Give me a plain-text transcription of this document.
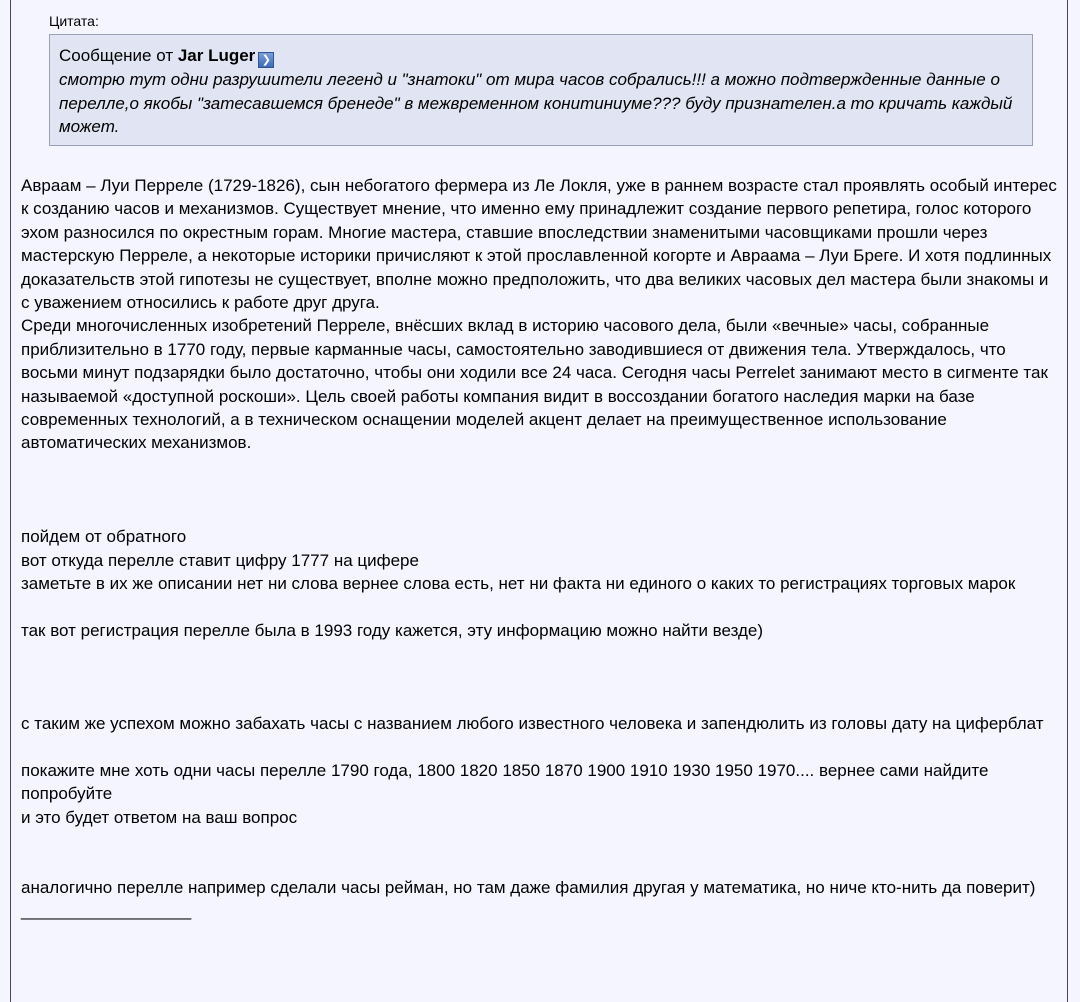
Цитата:
Сообщение от Jar Luger ❯
смотрю тут одни разрушители легенд и "знатоки" от мира часов собрались!!! а можно подтвержденные данные о перелле,о якобы "затесавшемся бренеде" в межвременном конитиниуме??? буду признателен.а то кричать каждый может.

Авраам – Луи Перреле (1729-1826), сын небогатого фермера из Ле Локля, уже в раннем возрасте стал проявлять особый интерес к созданию часов и механизмов. Существует мнение, что именно ему принадлежит создание первого репетира, голос которого эхом разносился по окрестным горам. Многие мастера, ставшие впоследствии знаменитыми часовщиками прошли через мастерскую Перреле, а некоторые историки причисляют к этой прославленной когорте и Авраама – Луи Бреге. И хотя подлинных доказательств этой гипотезы не существует, вполне можно предположить, что два великих часовых дел мастера были знакомы и с уважением относились к работе друг друга.

Среди многочисленных изобретений Перреле, внёсших вклад в историю часового дела, были «вечные» часы, собранные приблизительно в 1770 году, первые карманные часы, самостоятельно заводившиеся от движения тела. Утверждалось, что восьми минут подзарядки было достаточно, чтобы они ходили все 24 часа. Сегодня часы Perrelet занимают место в сигменте так называемой «доступной роскоши». Цель своей работы компания видит в воссоздании богатого наследия марки на базе современных технологий, а в техническом оснащении моделей акцент делает на преимущественное использование автоматических механизмов.

пойдем от обратного

вот откуда перелле ставит цифру 1777 на цифере

заметьте в их же описании нет ни слова вернее слова есть, нет ни факта ни единого о каких то регистрациях торговых марок

так вот регистрация перелле была в 1993 году кажется, эту информацию можно найти везде)

с таким же успехом можно забахать часы с названием любого известного человека и запендюлить из головы дату на циферблат

покажите мне хоть одни часы перелле 1790 года, 1800 1820 1850 1870 1900 1910 1930 1950 1970.... вернее сами найдите попробуйте

и это будет ответом на ваш вопрос

аналогично перелле например сделали часы рейман, но там даже фамилия другая у математика, но ниче кто-нить да поверит)

__________________
